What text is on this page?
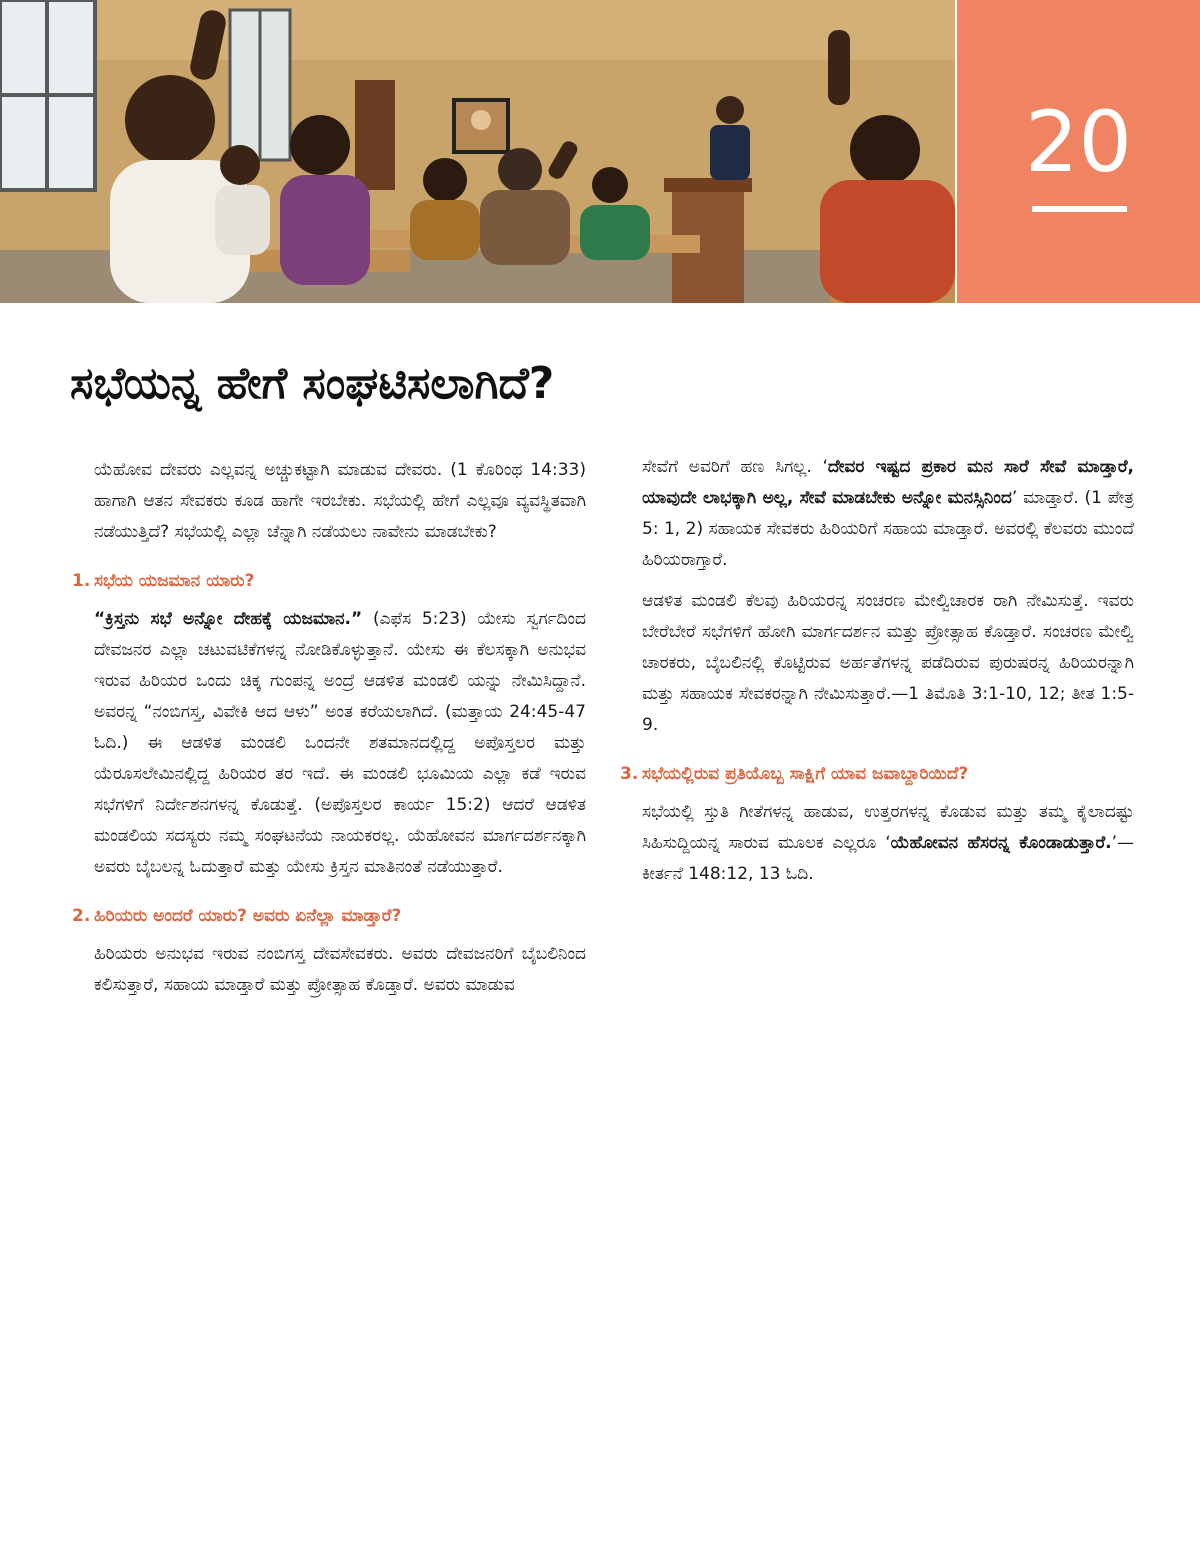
20
ಸಭೆಯನ್ನ ಹೇಗೆ ಸಂಘಟಿಸಲಾಗಿದೆ?

ಯೆಹೋವ ದೇವರು ಎಲ್ಲವನ್ನ ಅಚ್ಚುಕಟ್ಟಾಗಿ ಮಾಡುವ ದೇವರು. (1 ಕೊರಿಂಥ 14:33) ಹಾಗಾಗಿ ಆತನ ಸೇವಕರು ಕೂಡ ಹಾಗೇ ಇರಬೇಕು. ಸಭೆಯಲ್ಲಿ ಹೇಗೆ ಎಲ್ಲವೂ ವ್ಯವಸ್ಥಿತವಾಗಿ ನಡೆಯುತ್ತಿದೆ? ಸಭೆಯಲ್ಲಿ ಎಲ್ಲಾ ಚೆನ್ನಾಗಿ ನಡೆಯಲು ನಾವೇನು ಮಾಡಬೇಕು?

1. ಸಭೆಯ ಯಜಮಾನ ಯಾರು?

“ಕ್ರಿಸ್ತನು ಸಭೆ ಅನ್ನೋ ದೇಹಕ್ಕೆ ಯಜಮಾನ.” (ಎಫೆಸ 5:23) ಯೇಸು ಸ್ವರ್ಗದಿಂದ ದೇವಜನರ ಎಲ್ಲಾ ಚಟುವಟಿಕೆಗಳನ್ನ ನೋಡಿಕೊಳ್ಳುತ್ತಾನೆ. ಯೇಸು ಈ ಕೆಲಸಕ್ಕಾಗಿ ಅನುಭವ ಇರುವ ಹಿರಿಯರ ಒಂದು ಚಿಕ್ಕ ಗುಂಪನ್ನ ಅಂದ್ರೆ ಆಡಳಿತ ಮಂಡಲಿ ಯನ್ನು ನೇಮಿಸಿದ್ದಾನೆ. ಅವರನ್ನ “ನಂಬಿಗಸ್ತ, ವಿವೇಕಿ ಆದ ಆಳು” ಅಂತ ಕರೆಯಲಾಗಿದೆ. (ಮತ್ತಾಯ 24:45-47 ಓದಿ.) ಈ ಆಡಳಿತ ಮಂಡಲಿ ಒಂದನೇ ಶತಮಾನದಲ್ಲಿದ್ದ ಅಪೊಸ್ತಲರ ಮತ್ತು ಯೆರೂಸಲೇಮಿನಲ್ಲಿದ್ದ ಹಿರಿಯರ ತರ ಇದೆ. ಈ ಮಂಡಲಿ ಭೂಮಿಯ ಎಲ್ಲಾ ಕಡೆ ಇರುವ ಸಭೆಗಳಿಗೆ ನಿರ್ದೇಶನಗಳನ್ನ ಕೊಡುತ್ತೆ. (ಅಪೊಸ್ತಲರ ಕಾರ್ಯ 15:2) ಆದರೆ ಆಡಳಿತ ಮಂಡಲಿಯ ಸದಸ್ಯರು ನಮ್ಮ ಸಂಘಟನೆಯ ನಾಯಕರಲ್ಲ. ಯೆಹೋವನ ಮಾರ್ಗದರ್ಶನಕ್ಕಾಗಿ ಅವರು ಬೈಬಲನ್ನ ಓದುತ್ತಾರೆ ಮತ್ತು ಯೇಸು ಕ್ರಿಸ್ತನ ಮಾತಿನಂತೆ ನಡೆಯುತ್ತಾರೆ.

2. ಹಿರಿಯರು ಅಂದರೆ ಯಾರು? ಅವರು ಏನೆಲ್ಲಾ ಮಾಡ್ತಾರೆ?

ಹಿರಿಯರು ಅನುಭವ ಇರುವ ನಂಬಿಗಸ್ತ ದೇವಸೇವಕರು. ಅವರು ದೇವಜನರಿಗೆ ಬೈಬಲಿನಿಂದ ಕಲಿಸುತ್ತಾರೆ, ಸಹಾಯ ಮಾಡ್ತಾರೆ ಮತ್ತು ಪ್ರೋತ್ಸಾಹ ಕೊಡ್ತಾರೆ. ಅವರು ಮಾಡುವ

ಸೇವೆಗೆ ಅವರಿಗೆ ಹಣ ಸಿಗಲ್ಲ. ‘ದೇವರ ಇಷ್ಟದ ಪ್ರಕಾರ ಮನ ಸಾರೆ ಸೇವೆ ಮಾಡ್ತಾರೆ, ಯಾವುದೇ ಲಾಭಕ್ಕಾಗಿ ಅಲ್ಲ, ಸೇವೆ ಮಾಡಬೇಕು ಅನ್ನೋ ಮನಸ್ಸಿನಿಂದ’ ಮಾಡ್ತಾರೆ. (1 ಪೇತ್ರ 5: 1, 2) ಸಹಾಯಕ ಸೇವಕರು ಹಿರಿಯರಿಗೆ ಸಹಾಯ ಮಾಡ್ತಾರೆ. ಅವರಲ್ಲಿ ಕೆಲವರು ಮುಂದೆ ಹಿರಿಯರಾಗ್ತಾರೆ.

ಆಡಳಿತ ಮಂಡಲಿ ಕೆಲವು ಹಿರಿಯರನ್ನ ಸಂಚರಣ ಮೇಲ್ವಿಚಾರಕ ರಾಗಿ ನೇಮಿಸುತ್ತೆ. ಇವರು ಬೇರೆಬೇರೆ ಸಭೆಗಳಿಗೆ ಹೋಗಿ ಮಾರ್ಗದರ್ಶನ ಮತ್ತು ಪ್ರೋತ್ಸಾಹ ಕೊಡ್ತಾರೆ. ಸಂಚರಣ ಮೇಲ್ವಿ ಚಾರಕರು, ಬೈಬಲಿನಲ್ಲಿ ಕೊಟ್ಟಿರುವ ಅರ್ಹತೆಗಳನ್ನ ಪಡೆದಿರುವ ಪುರುಷರನ್ನ ಹಿರಿಯರನ್ನಾಗಿ ಮತ್ತು ಸಹಾಯಕ ಸೇವಕರನ್ನಾಗಿ ನೇಮಿಸುತ್ತಾರೆ.—1 ತಿಮೊತಿ 3:1-10, 12; ತೀತ 1:5-9.

3. ಸಭೆಯಲ್ಲಿರುವ ಪ್ರತಿಯೊಬ್ಬ ಸಾಕ್ಷಿಗೆ ಯಾವ ಜವಾಬ್ದಾರಿಯಿದೆ?

ಸಭೆಯಲ್ಲಿ ಸ್ತುತಿ ಗೀತೆಗಳನ್ನ ಹಾಡುವ, ಉತ್ತರಗಳನ್ನ ಕೊಡುವ ಮತ್ತು ತಮ್ಮ ಕೈಲಾದಷ್ಟು ಸಿಹಿಸುದ್ದಿಯನ್ನ ಸಾರುವ ಮೂಲಕ ಎಲ್ಲರೂ ‘ಯೆಹೋವನ ಹೆಸರನ್ನ ಕೊಂಡಾಡುತ್ತಾರೆ.’—ಕೀರ್ತನೆ 148:12, 13 ಓದಿ.
